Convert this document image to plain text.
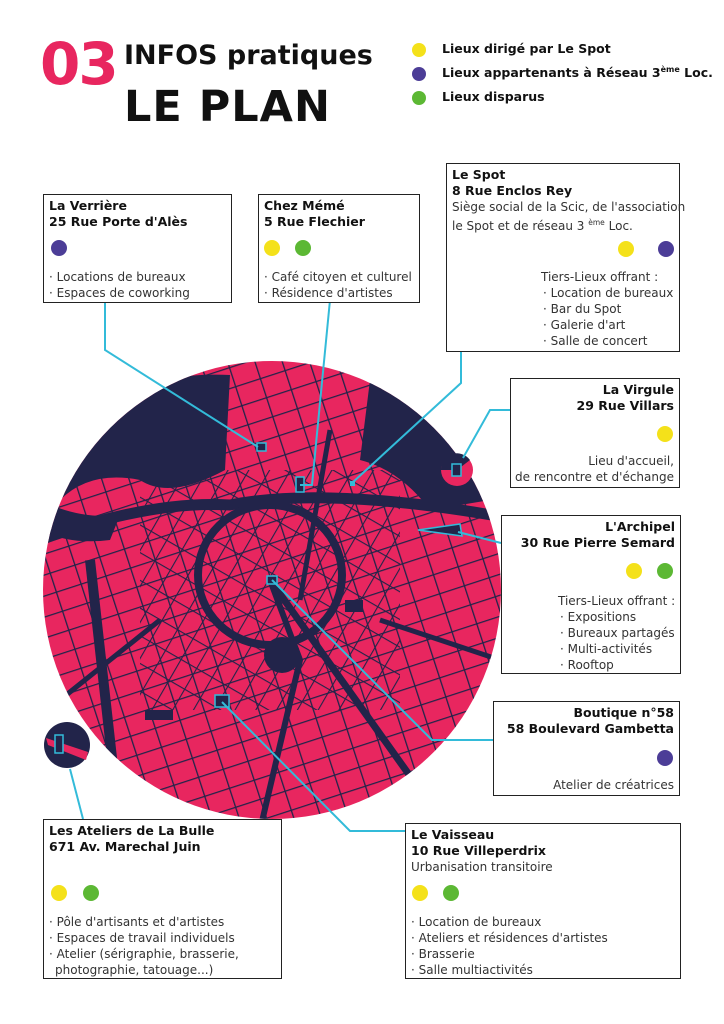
03 INFOS pratiques
LE PLAN
Lieux dirigé par Le Spot
Lieux appartenants à Réseau 3ème Loc.
Lieux disparus
La Verrière
25 Rue Porte d'Alès
· Locations de bureaux
· Espaces de coworking
Chez Mémé
5 Rue Flechier
· Café citoyen et culturel
· Résidence d'artistes
Le Spot
8 Rue Enclos Rey
Siège social de la Scic, de l'association
le Spot et de réseau 3 $^{ème}$ Loc.
Tiers-Lieux offrant :
· Location de bureaux
· Bar du Spot
· Galerie d'art
· Salle de concert
La Virgule
29 Rue Villars
Lieu d'accueil,
de rencontre et d'échange
L'Archipel
30 Rue Pierre Semard
Tiers-Lieux offrant :
· Expositions
· Bureaux partagés
· Multi-activités
· Rooftop
Boutique n°58
58 Boulevard Gambetta
Atelier de créatrices
Les Ateliers de La Bulle
671 Av. Marechal Juin
· Pôle d'artisants et d'artistes
· Espaces de travail individuels
· Atelier (sérigraphie, brasserie,
photographie, tatouage...)
Le Vaisseau
10 Rue Villeperdrix
Urbanisation transitoire
· Location de bureaux
· Ateliers et résidences d'artistes
· Brasserie
· Salle multiactivités
